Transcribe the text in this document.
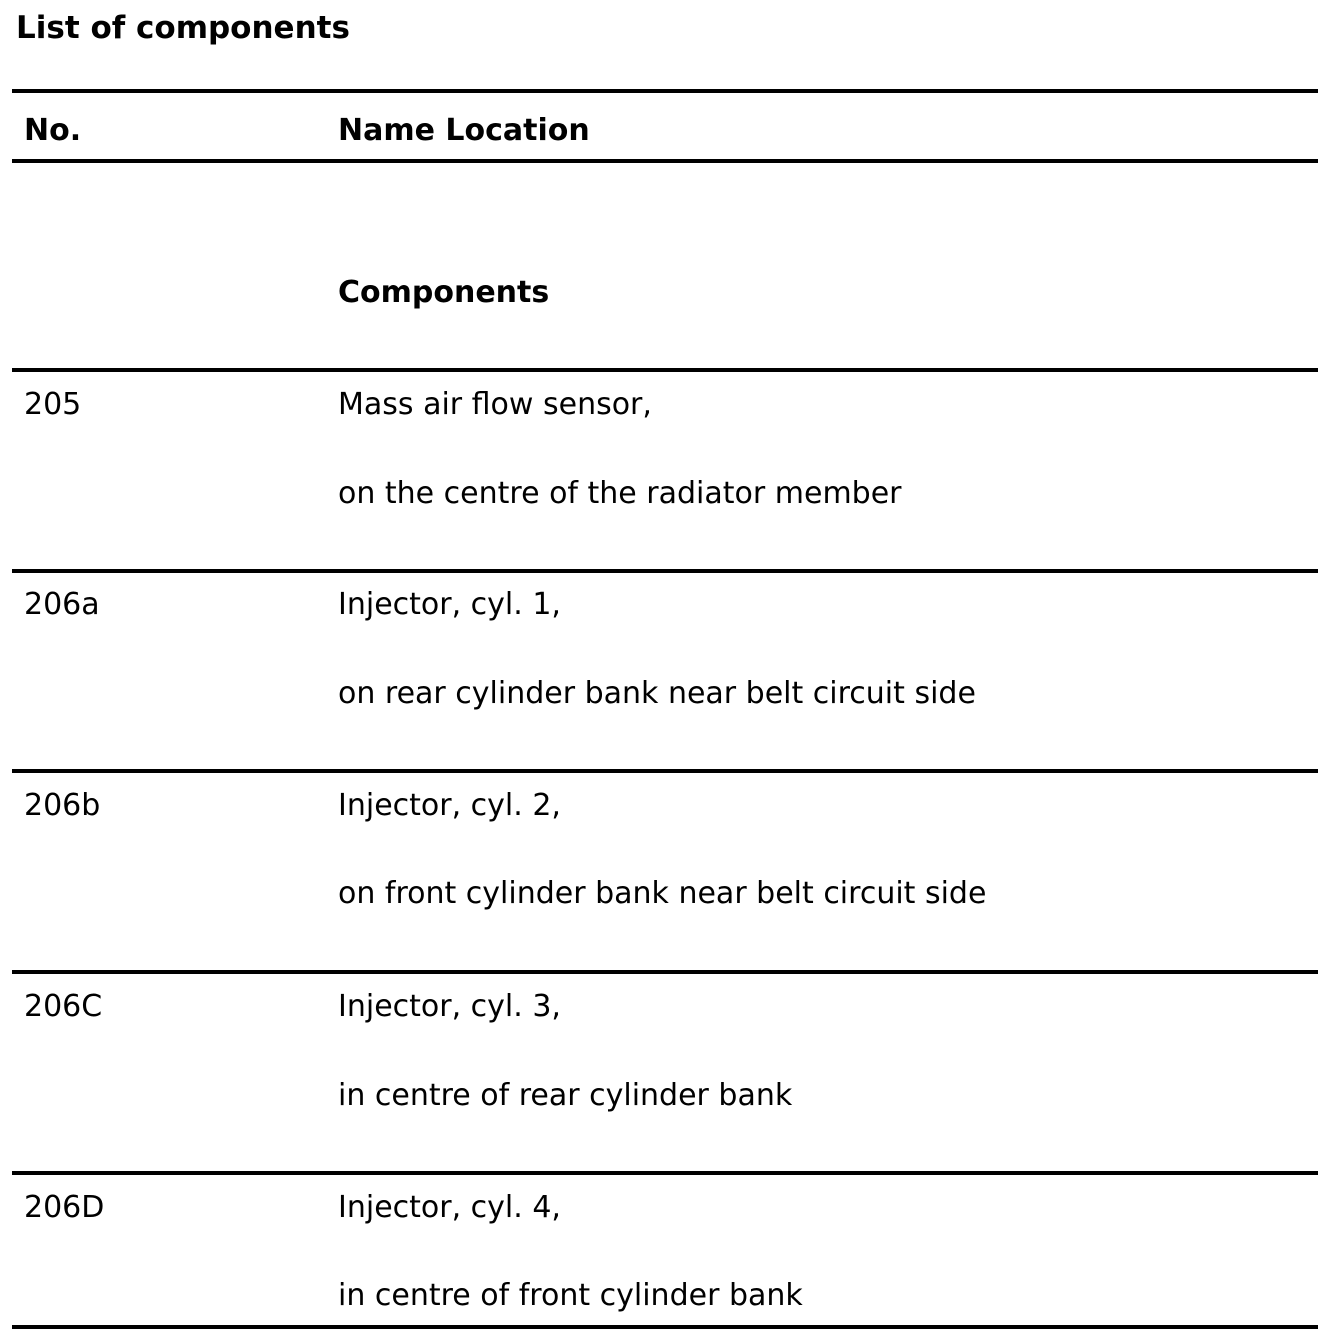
List of components
No.	Name Location
Components
205	Mass air flow sensor,
on the centre of the radiator member
206a	Injector, cyl. 1,
on rear cylinder bank near belt circuit side
206b	Injector, cyl. 2,
on front cylinder bank near belt circuit side
206C	Injector, cyl. 3,
in centre of rear cylinder bank
206D	Injector, cyl. 4,
in centre of front cylinder bank
